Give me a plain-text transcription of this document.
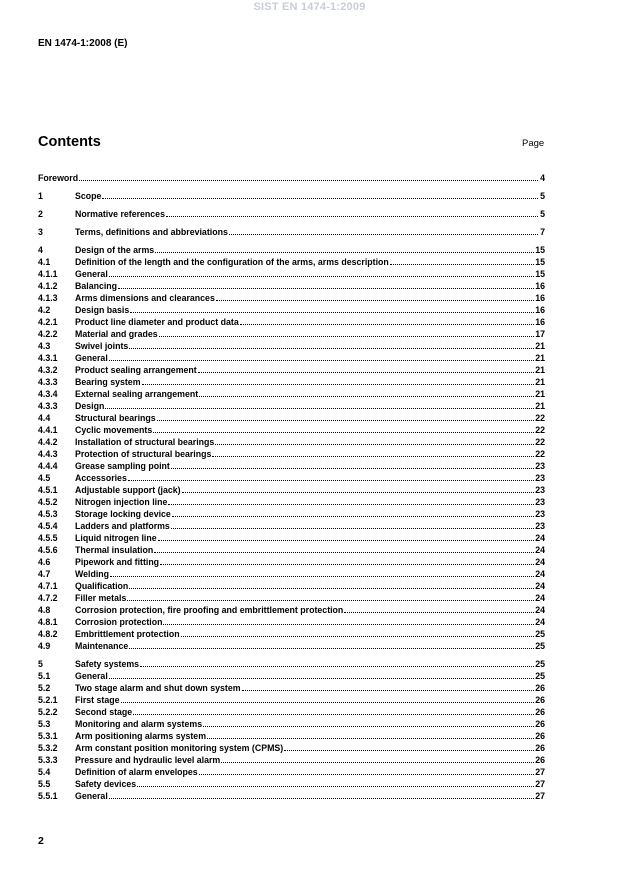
SIST EN 1474-1:2009
EN 1474-1:2008 (E)
Contents	Page
Foreword	4
1	Scope	5
2	Normative references	5
3	Terms, definitions and abbreviations	7
4	Design of the arms	15
4.1	Definition of the length and the configuration of the arms, arms description	15
4.1.1	General	15
4.1.2	Balancing	16
4.1.3	Arms dimensions and clearances	16
4.2	Design basis	16
4.2.1	Product line diameter and product data	16
4.2.2	Material and grades	17
4.3	Swivel joints	21
4.3.1	General	21
4.3.2	Product sealing arrangement	21
4.3.3	Bearing system	21
4.3.4	External sealing arrangement	21
4.3.3	Design	21
4.4	Structural bearings	22
4.4.1	Cyclic movements	22
4.4.2	Installation of structural bearings	22
4.4.3	Protection of structural bearings	22
4.4.4	Grease sampling point	23
4.5	Accessories	23
4.5.1	Adjustable support (jack)	23
4.5.2	Nitrogen injection line	23
4.5.3	Storage locking device	23
4.5.4	Ladders and platforms	23
4.5.5	Liquid nitrogen line	24
4.5.6	Thermal insulation	24
4.6	Pipework and fitting	24
4.7	Welding	24
4.7.1	Qualification	24
4.7.2	Filler metals	24
4.8	Corrosion protection, fire proofing and embrittlement protection	24
4.8.1	Corrosion protection	24
4.8.2	Embrittlement protection	25
4.9	Maintenance	25
5	Safety systems	25
5.1	General	25
5.2	Two stage alarm and shut down system	26
5.2.1	First stage	26
5.2.2	Second stage	26
5.3	Monitoring and alarm systems	26
5.3.1	Arm positioning alarms system	26
5.3.2	Arm constant position monitoring system (CPMS)	26
5.3.3	Pressure and hydraulic level alarm	26
5.4	Definition of alarm envelopes	27
5.5	Safety devices	27
5.5.1	General	27
2
